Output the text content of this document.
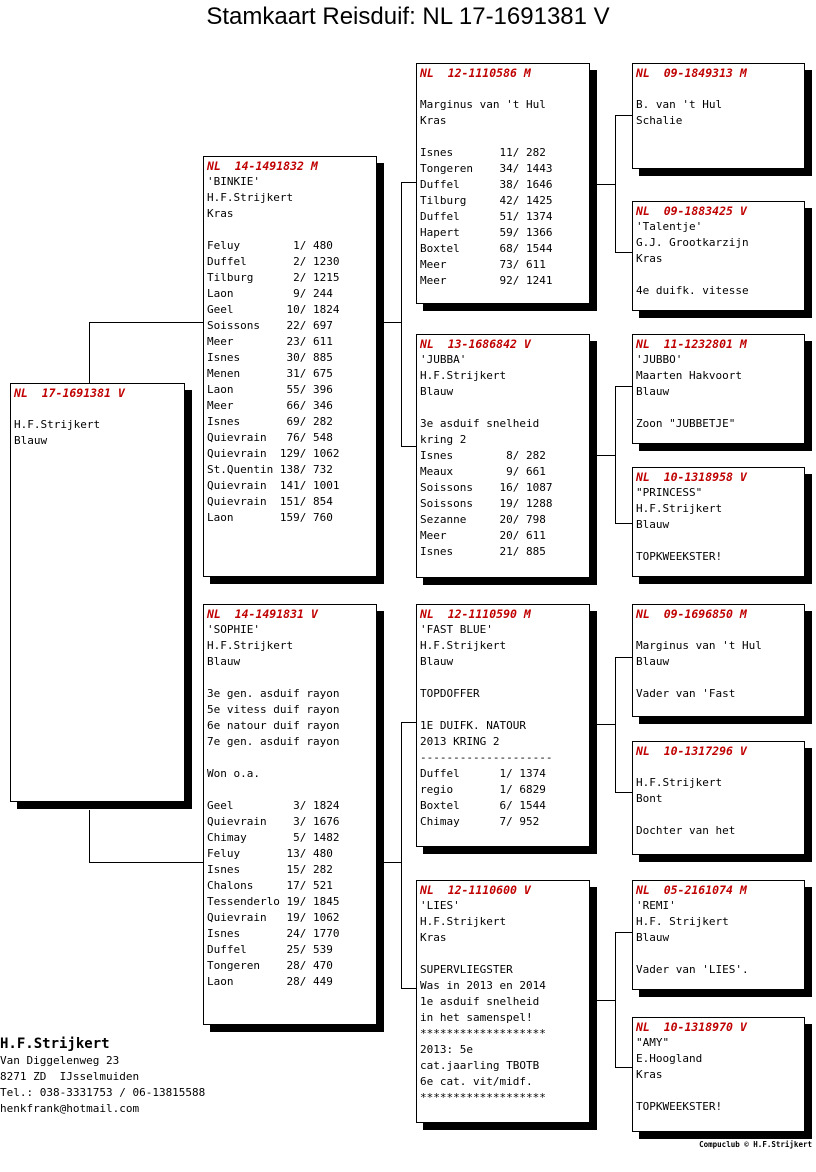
Stamkaart Reisduif: NL 17-1691381 V
NL  17-1691381 V
H.F.Strijkert
Blauw
NL  14-1491832 M
'BINKIE'
H.F.Strijkert
Kras
Feluy        1/ 480
Duffel       2/ 1230
Tilburg      2/ 1215
Laon         9/ 244
Geel        10/ 1824
Soissons    22/ 697
Meer        23/ 611
Isnes       30/ 885
Menen       31/ 675
Laon        55/ 396
Meer        66/ 346
Isnes       69/ 282
Quievrain   76/ 548
Quievrain  129/ 1062
St.Quentin 138/ 732
Quievrain  141/ 1001
Quievrain  151/ 854
Laon       159/ 760
NL  14-1491831 V
'SOPHIE'
H.F.Strijkert
Blauw
3e gen. asduif rayon
5e vitess duif rayon
6e natour duif rayon
7e gen. asduif rayon
Won o.a.
Geel         3/ 1824
Quievrain    3/ 1676
Chimay       5/ 1482
Feluy       13/ 480
Isnes       15/ 282
Chalons     17/ 521
Tessenderlo 19/ 1845
Quievrain   19/ 1062
Isnes       24/ 1770
Duffel      25/ 539
Tongeren    28/ 470
Laon        28/ 449
NL  12-1110586 M
Marginus van 't Hul
Kras
Isnes       11/ 282
Tongeren    34/ 1443
Duffel      38/ 1646
Tilburg     42/ 1425
Duffel      51/ 1374
Hapert      59/ 1366
Boxtel      68/ 1544
Meer        73/ 611
Meer        92/ 1241
NL  13-1686842 V
'JUBBA'
H.F.Strijkert
Blauw
3e asduif snelheid
kring 2
Isnes        8/ 282
Meaux        9/ 661
Soissons    16/ 1087
Soissons    19/ 1288
Sezanne     20/ 798
Meer        20/ 611
Isnes       21/ 885
NL  12-1110590 M
'FAST BLUE'
H.F.Strijkert
Blauw
TOPDOFFER
1E DUIFK. NATOUR
2013 KRING 2
--------------------
Duffel      1/ 1374
regio       1/ 6829
Boxtel      6/ 1544
Chimay      7/ 952
NL  12-1110600 V
'LIES'
H.F.Strijkert
Kras
SUPERVLIEGSTER
Was in 2013 en 2014
1e asduif snelheid
in het samenspel!
*******************
2013: 5e
cat.jaarling TBOTB
6e cat. vit/midf.
*******************
NL  09-1849313 M
B. van 't Hul
Schalie
NL  09-1883425 V
'Talentje'
G.J. Grootkarzijn
Kras
4e duifk. vitesse
NL  11-1232801 M
'JUBBO'
Maarten Hakvoort
Blauw
Zoon "JUBBETJE"
NL  10-1318958 V
"PRINCESS"
H.F.Strijkert
Blauw
TOPKWEEKSTER!
NL  09-1696850 M
Marginus van 't Hul
Blauw
Vader van 'Fast
NL  10-1317296 V
H.F.Strijkert
Bont
Dochter van het
NL  05-2161074 M
'REMI'
H.F. Strijkert
Blauw
Vader van 'LIES'.
NL  10-1318970 V
"AMY"
E.Hoogland
Kras
TOPKWEEKSTER!
H.F.Strijkert
Van Diggelenweg 23
8271 ZD  IJsselmuiden
Tel.: 038-3331753 / 06-13815588
henkfrank@hotmail.com
Compuclub © H.F.Strijkert
